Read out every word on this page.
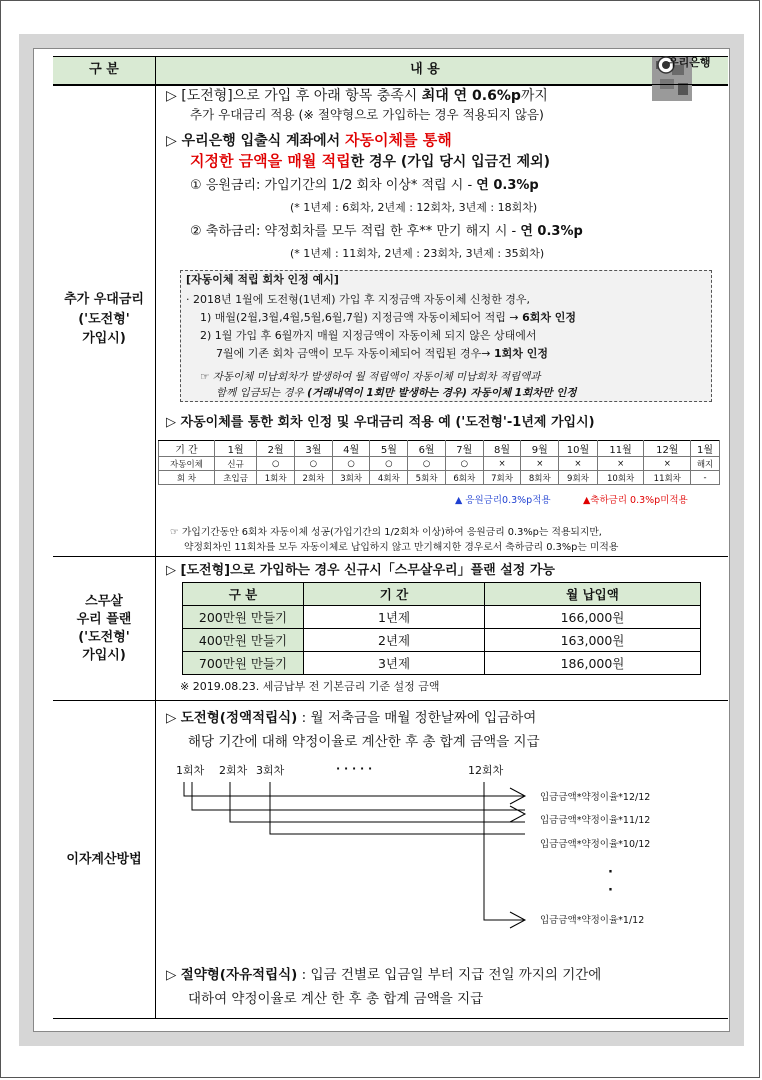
구 분	내 용	우리은행
추가 우대금리
('도전형'
가입시)
▷ [도전형]으로 가입 후 아래 항목 충족시 최대 연 0.6%p까지
추가 우대금리 적용 (※ 절약형으로 가입하는 경우 적용되지 않음)
▷ 우리은행 입출식 계좌에서 자동이체를 통해
지정한 금액을 매월 적립한 경우 (가입 당시 입금건 제외)
① 응원금리: 가입기간의 1/2 회차 이상* 적립 시 - 연 0.3%p
(* 1년제 : 6회차, 2년제 : 12회차, 3년제 : 18회차)
② 축하금리: 약정회차를 모두 적립 한 후** 만기 해지 시 - 연 0.3%p
(* 1년제 : 11회차, 2년제 : 23회차, 3년제 : 35회차)
[자동이체 적립 회차 인정 예시]
· 2018년 1월에 도전형(1년제) 가입 후 지정금액 자동이체 신청한 경우,
1) 매월(2월,3월,4월,5월,6월,7월) 지정금액 자동이체되어 적립 → 6회차 인정
2) 1월 가입 후 6월까지 매월 지정금액이 자동이체 되지 않은 상태에서
7월에 기존 회차 금액이 모두 자동이체되어 적립된 경우→ 1회차 인정
☞ 자동이체 미납회차가 발생하여 월 적립액이 자동이체 미납회차 적립액과
함께 입금되는 경우 (거래내역이 1회만 발생하는 경우) 자동이체 1회차만 인정
▷ 자동이체를 통한 회차 인정 및 우대금리 적용 예 ('도전형'-1년제 가입시)
기 간	1월	2월	3월	4월	5월	6월	7월	8월	9월	10월	11월	12월	1월
자동이체	신규	○	○	○	○	○	○	×	×	×	×	×	해지
회 차	초입금	1회차	2회차	3회차	4회차	5회차	6회차	7회차	8회차	9회차	10회차	11회차	-
▲ 응원금리0.3%p적용	▲축하금리 0.3%p미적용
☞ 가입기간동안 6회차 자동이체 성공(가입기간의 1/2회차 이상)하여 응원금리 0.3%p는 적용되지만,
약정회차인 11회차를 모두 자동이체로 납입하지 않고 만기해지한 경우로서 축하금리 0.3%p는 미적용
스무살
우리 플랜
('도전형'
가입시)
▷ [도전형]으로 가입하는 경우 신규시「스무살우리」플랜 설정 가능
구 분	기 간	월 납입액
200만원 만들기	1년제	166,000원
400만원 만들기	2년제	163,000원
700만원 만들기	3년제	186,000원
※ 2019.08.23. 세금납부 전 기본금리 기준 설정 금액
이자계산방법
▷ 도전형(정액적립식) : 월 저축금을 매월 정한날짜에 입금하여
해당 기간에 대해 약정이율로 계산한 후 총 합계 금액을 지급
1회차 2회차 3회차	· · · · ·	12회차
입금금액*약정이율*12/12
입금금액*약정이율*11/12
입금금액*약정이율*10/12
·
·
입금금액*약정이율*1/12
▷ 절약형(자유적립식) : 입금 건별로 입금일 부터 지급 전일 까지의 기간에
대하여 약정이율로 계산 한 후 총 합계 금액을 지급
